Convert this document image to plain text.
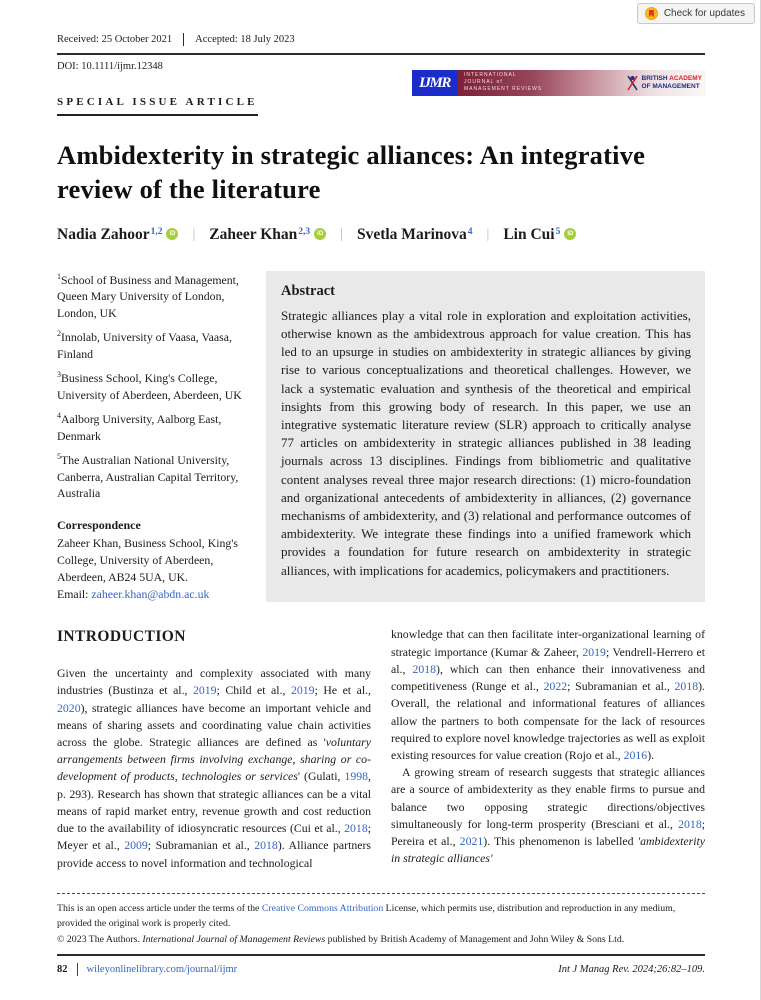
Check for updates
Received: 25 October 2021 Accepted: 18 July 2023
DOI: 10.1111/ijmr.12348
SPECIAL ISSUE ARTICLE
Ambidexterity in strategic alliances: An integrative review of the literature
Nadia Zahoor$^{1,2}$	iD | Zaheer Khan$^{2,3}$	iD | Svetla Marinova$^4$ | Lin Cui$^5$	iD
$^1$School of Business and Management, Queen Mary University of London, London, UK
$^2$Innolab, University of Vaasa, Vaasa, Finland
$^3$Business School, King's College, University of Aberdeen, Aberdeen, UK
$^4$Aalborg University, Aalborg East, Denmark
$^5$The Australian National University, Canberra, Australian Capital Territory, Australia
Correspondence
Zaheer Khan, Business School, King's College, University of Aberdeen, Aberdeen, AB24 5UA, UK.
Email: zaheer.khan@abdn.ac.uk
Abstract
Strategic alliances play a vital role in exploration and exploitation activities, otherwise known as the ambidextrous approach for value creation. This has led to an upsurge in studies on ambidexterity in strategic alliances by giving rise to various conceptualizations and theoretical challenges. However, we lack a systematic evaluation and synthesis of the theoretical and empirical insights from this growing body of research. In this paper, we use an integrative systematic literature review (SLR) approach to critically analyse 77 articles on ambidexterity in strategic alliances published in 38 leading journals across 13 disciplines. Findings from bibliometric and qualitative content analyses reveal three major research directions: (1) micro-foundation and organizational antecedents of ambidexterity in alliances, (2) governance mechanisms of ambidexterity, and (3) relational and performance outcomes of ambidexterity. We integrate these findings into a unified framework which provides a foundation for future research on ambidexterity in strategic alliances, with implications for academics, policymakers and practitioners.
INTRODUCTION

Given the uncertainty and complexity associated with many industries (Bustinza et al., 2019; Child et al., 2019; He et al., 2020), strategic alliances have become an important vehicle and means of sharing assets and coordinating value chain activities across the globe. Strategic alliances are defined as 'voluntary arrangements between firms involving exchange, sharing or co-development of products, technologies or services' (Gulati, 1998, p. 293). Research has shown that strategic alliances can be a vital means of rapid market entry, revenue growth and cost reduction due to the availability of idiosyncratic resources (Cui et al., 2018; Meyer et al., 2009; Subramanian et al., 2018). Alliance partners provide access to novel information and technological

knowledge that can then facilitate inter-organizational learning of strategic importance (Kumar & Zaheer, 2019; Vendrell-Herrero et al., 2018), which can then enhance their innovativeness and competitiveness (Runge et al., 2022; Subramanian et al., 2018). Overall, the relational and informational features of alliances allow the partners to both compensate for the lack of resources required to explore novel knowledge trajectories as well as exploit existing resources for value creation (Rojo et al., 2016).

A growing stream of research suggests that strategic alliances are a source of ambidexterity as they enable firms to pursue and balance two opposing strategic directions/objectives simultaneously for long-term prosperity (Bresciani et al., 2018; Pereira et al., 2021). This phenomenon is labelled 'ambidexterity in strategic alliances'

IJMR	INTERNATIONAL
JOURNAL of
MANAGEMENT REVIEWS
BRITISH ACADEMY
OF MANAGEMENT
This is an open access article under the terms of the Creative Commons Attribution License, which permits use, distribution and reproduction in any medium, provided the original work is properly cited.
© 2023 The Authors. International Journal of Management Reviews published by British Academy of Management and John Wiley & Sons Ltd.
82 wileyonlinelibrary.com/journal/ijmr	Int J Manag Rev. 2024;26:82–109.
